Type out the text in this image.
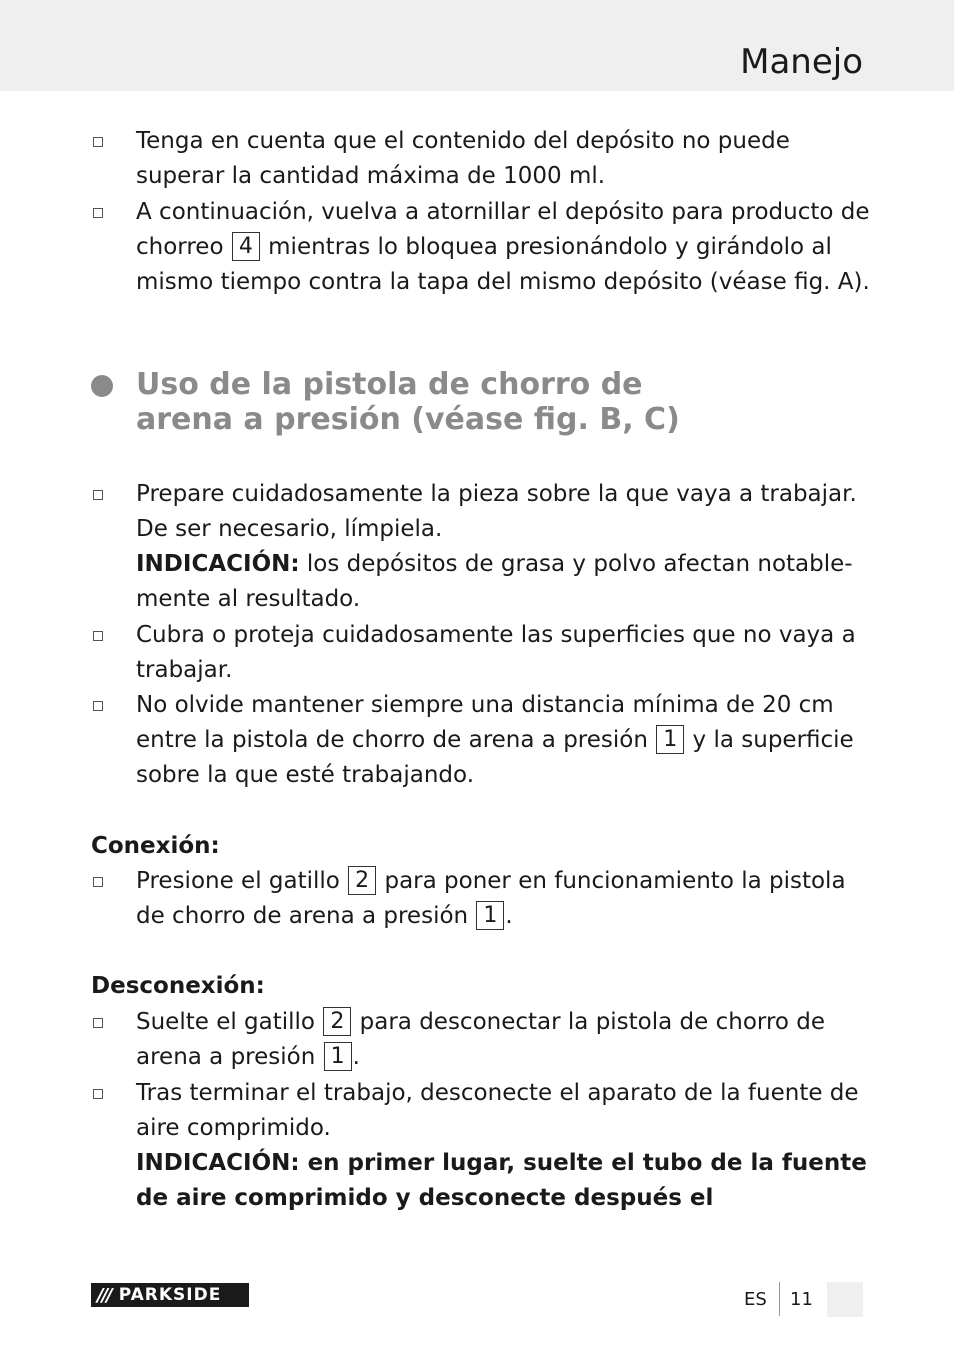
Manejo
Tenga en cuenta que el contenido del depósito no puede superar la cantidad máxima de 1000 ml.
A continuación, vuelva a atornillar el depósito para producto de chorreo 4 mientras lo bloquea presionándolo y girándolo al mismo tiempo contra la tapa del mismo depósito (véase fig. A).
Uso de la pistola de chorro de
arena a presión (véase fig. B, C)
Prepare cuidadosamente la pieza sobre la que vaya a trabajar. De ser necesario, límpiela.
INDICACIÓN: los depósitos de grasa y polvo afectan notable-mente al resultado.
Cubra o proteja cuidadosamente las superficies que no vaya a trabajar.
No olvide mantener siempre una distancia mínima de 20 cm entre la pistola de chorro de arena a presión 1 y la superficie sobre la que esté trabajando.
Conexión:
Presione el gatillo 2 para poner en funcionamiento la pistola de chorro de arena a presión 1 .
Desconexión:
Suelte el gatillo 2 para desconectar la pistola de chorro de arena a presión 1 .
Tras terminar el trabajo, desconecte el aparato de la fuente de aire comprimido.
INDICACIÓN: en primer lugar, suelte el tubo de la fuente de aire comprimido y desconecte después el
/// PARKSIDE	ES 11
